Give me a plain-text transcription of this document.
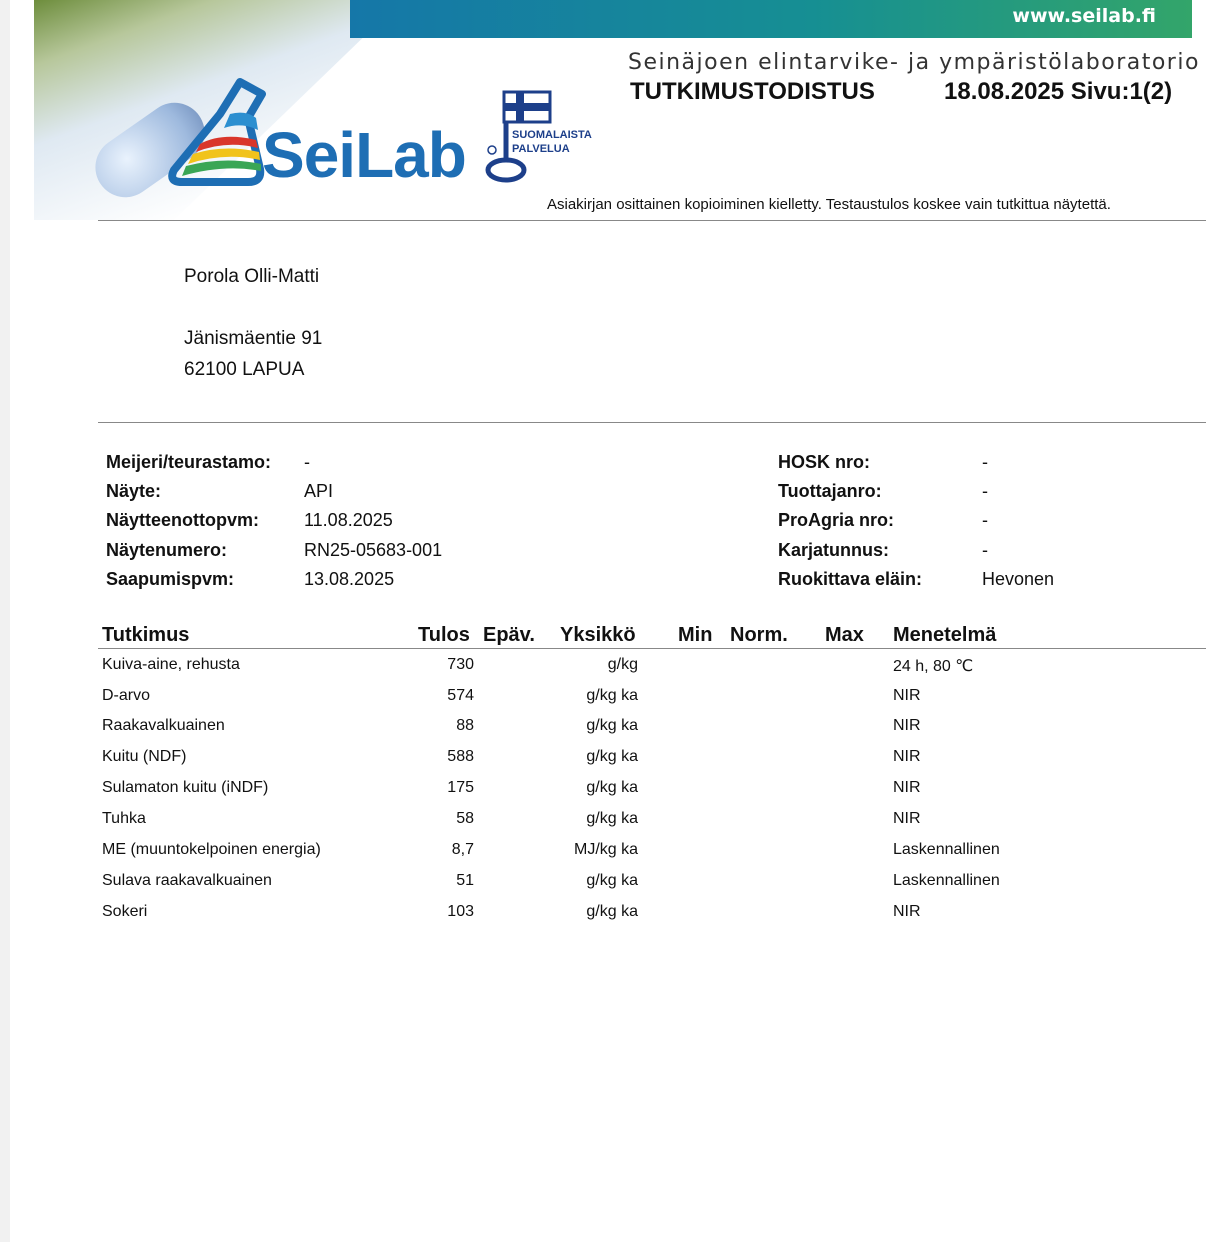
www.seilab.fi
SeiLab	SUOMALAISTA
PALVELUA
Seinäjoen elintarvike- ja ympäristölaboratorio
TUTKIMUSTODISTUS	18.08.2025 Sivu:1(2)
Asiakirjan osittainen kopioiminen kielletty. Testaustulos koskee vain tutkittua näytettä.
Porola Olli-Matti
Jänismäentie 91
62100 LAPUA
Meijeri/teurastamo: -
Näyte:	API
Näytteenottopvm: 11.08.2025
Näytenumero:	RN25-05683-001
Saapumispvm:	13.08.2025
HOSK nro:	-
Tuottajanro:	-
ProAgria nro:	-
Karjatunnus:	-
Ruokittava eläin:	Hevonen
Tutkimus	Tulos Epäv. Yksikkö Min Norm. Max Menetelmä
Kuiva-aine, rehusta	730	g/kg	24 h, 80 ℃
D-arvo	574	g/kg ka	NIR
Raakavalkuainen	88	g/kg ka	NIR
Kuitu (NDF)	588	g/kg ka	NIR
Sulamaton kuitu (iNDF)	175	g/kg ka	NIR
Tuhka	58	g/kg ka	NIR
ME (muuntokelpoinen energia)	8,7	MJ/kg ka	Laskennallinen
Sulava raakavalkuainen	51	g/kg ka	Laskennallinen
Sokeri	103	g/kg ka	NIR
